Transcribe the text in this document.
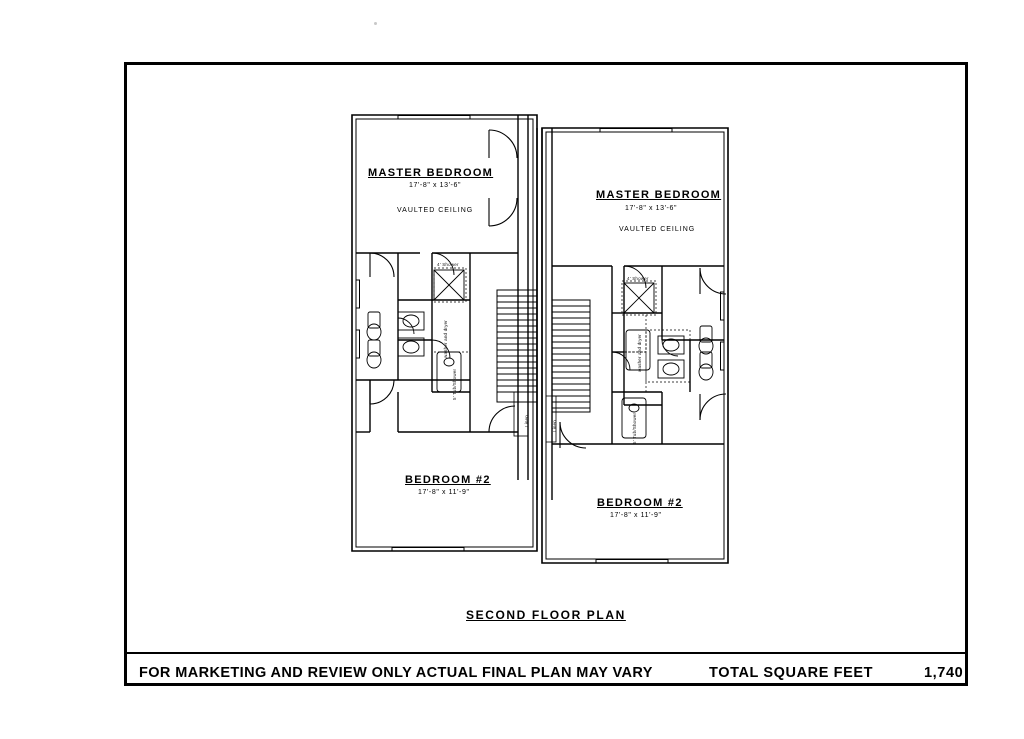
MASTER BEDROOM
17'-8" x 13'-6"
VAULTED CEILING
BEDROOM #2
17'-8" x 11'-9"
4' Shower
washer and dryer
5' Tub/Shower
Linen
MASTER BEDROOM
17'-8" x 13'-6"
VAULTED CEILING
BEDROOM #2
17'-8" x 11'-9"
4' Shower
washer and dryer
5' Tub/Shower
Linen
SECOND FLOOR PLAN
FOR MARKETING AND REVIEW ONLY ACTUAL FINAL PLAN MAY VARY	TOTAL SQUARE FEET	1,740
